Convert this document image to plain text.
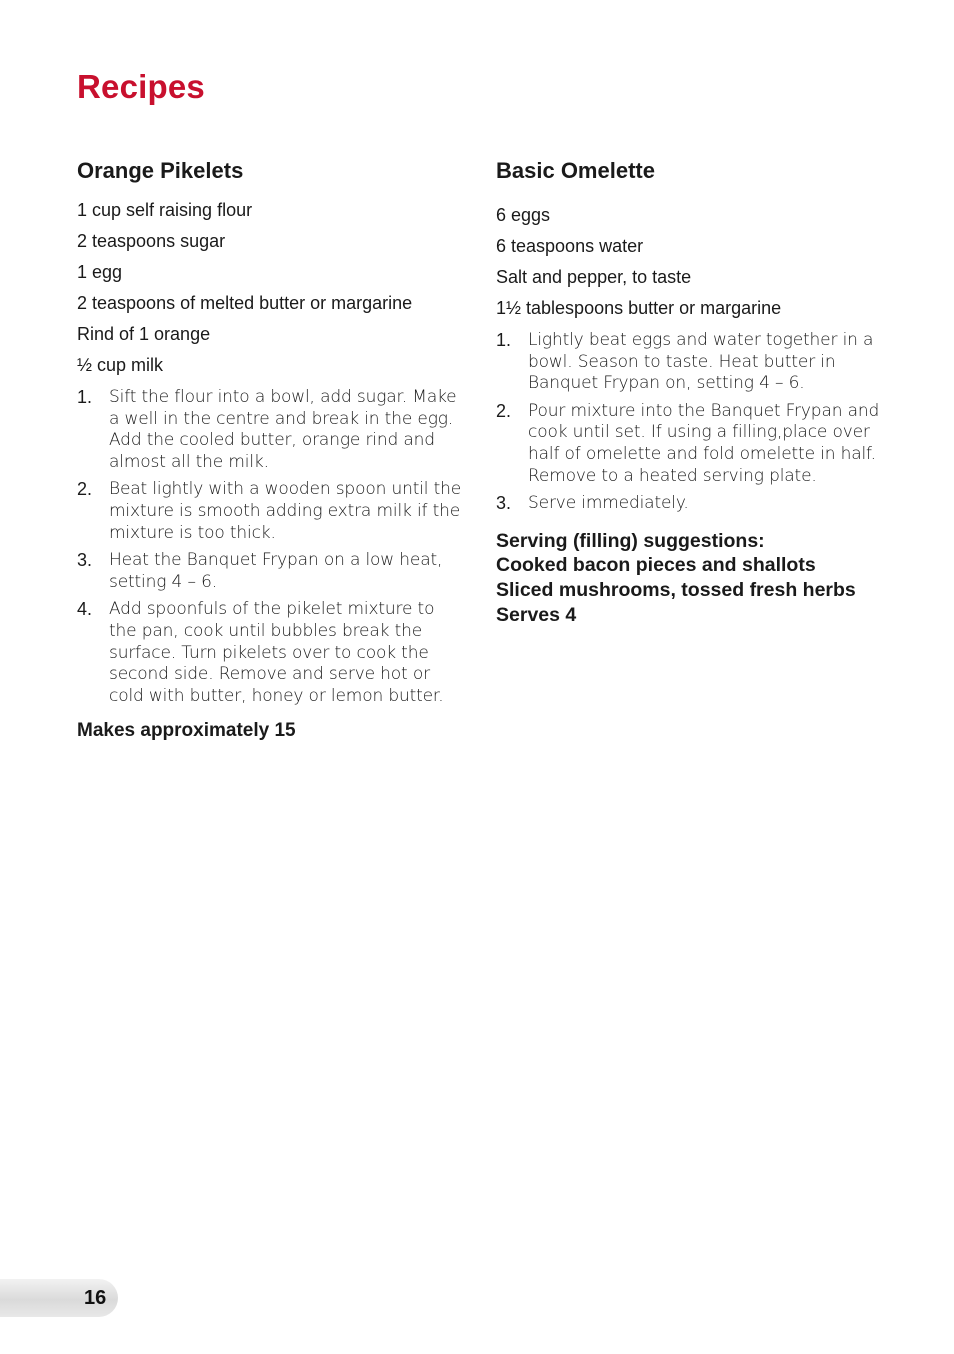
Recipes
Orange Pikelets
1 cup self raising flour
2 teaspoons sugar
1 egg
2 teaspoons of melted butter or margarine
Rind of 1 orange
½ cup milk
1. Sift the flour into a bowl, add sugar. Make a well in the centre and break in the egg. Add the cooled butter, orange rind and almost all the milk.
2. Beat lightly with a wooden spoon until the mixture is smooth adding extra milk if the mixture is too thick.
3. Heat the Banquet Frypan on a low heat, setting 4 – 6.
4. Add spoonfuls of the pikelet mixture to the pan, cook until bubbles break the surface. Turn pikelets over to cook the second side. Remove and serve hot or cold with butter, honey or lemon butter.

Makes approximately 15

Basic Omelette
6 eggs
6 teaspoons water
Salt and pepper, to taste
1½ tablespoons butter or margarine
1. Lightly beat eggs and water together in a bowl. Season to taste. Heat butter in Banquet Frypan on, setting 4 – 6.
2. Pour mixture into the Banquet Frypan and cook until set. If using a filling,place over half of omelette and fold omelette in half. Remove to a heated serving plate.
3. Serve immediately.
Serving (filling) suggestions:
Cooked bacon pieces and shallots
Sliced mushrooms, tossed fresh herbs
Serves 4
16
